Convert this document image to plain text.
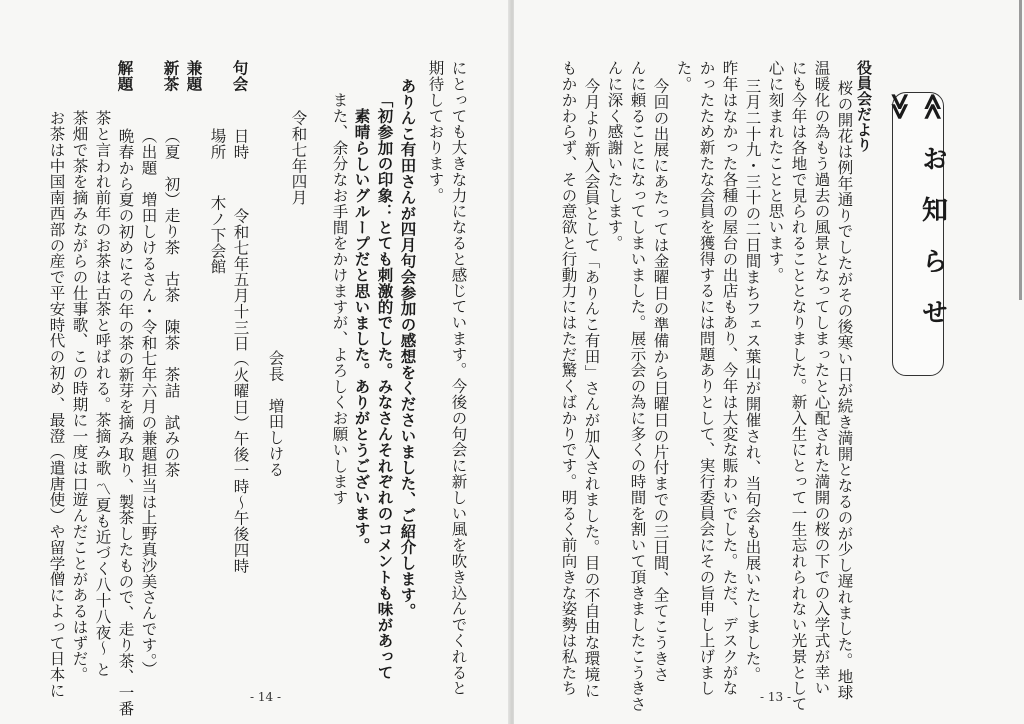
≪ お 知 ら せ ≫
役員会だより
桜の開花は例年通りでしたがその後寒い日が続き満開となるのが少し遅れました。地球
温暖化の為もう過去の風景となってしまったと心配された満開の桜の下での入学式が幸い
にも今年は各地で見られることとなりました。新入生にとって一生忘れられない光景として
心に刻まれたことと思います。
三月二十九・三十の二日間まちフェス葉山が開催され、当句会も出展いたしました。
昨年はなかった各種の屋台の出店もあり、今年は大変な賑わいでした。ただ、デスクがな
かったため新たな会員を獲得するには問題ありとして、実行委員会にその旨申し上げまし
た。
今回の出展にあたっては金曜日の準備から日曜日の片付までの三日間、全てこうきさ
んに頼ることになってしまいました。展示会の為に多くの時間を割いて頂きましたこうきさ
んに深く感謝いたします。
今月より新入会員として「ありんこ有田」さんが加入されました。目の不自由な環境に
もかかわらず、その意欲と行動力にはただ驚くばかりです。明るく前向きな姿勢は私たち
- 13 -
にとっても大きな力になると感じています。今後の句会に新しい風を吹き込んでくれると
期待しております。
ありんこ有田さんが四月句会参加の感想をくださいました、ご紹介します。
「初参加の印象：とても刺激的でした。みなさんそれぞれのコメントも味があって
素晴らしいグループだと思いました。ありがとうございます。
また、余分なお手間をかけますが、よろしくお願いします
令和七年四月
会長　増田しける
句会
日時
令和七年五月十三日（火曜日）午後一時〜午後四時
場所
木ノ下会館
兼題
新茶
（夏　初）走り茶　古茶　陳茶　茶詰　試みの茶
（出題　増田しけるさん・令和七年六月の兼題担当は上野真沙美さんです。）
解題
晩春から夏の初めにその年の茶の新芽を摘み取り、製茶したもので、走り茶、一番
茶と言われ前年のお茶は古茶と呼ばれる。茶摘み歌 〽夏も近づく八十八夜〜 と
茶畑で茶を摘みながらの仕事歌、この時期に一度は口遊んだことがあるはずだ。
お茶は中国南西部の産で平安時代の初め、最澄（遣唐使）や留学僧によって日本に	- 14 -
